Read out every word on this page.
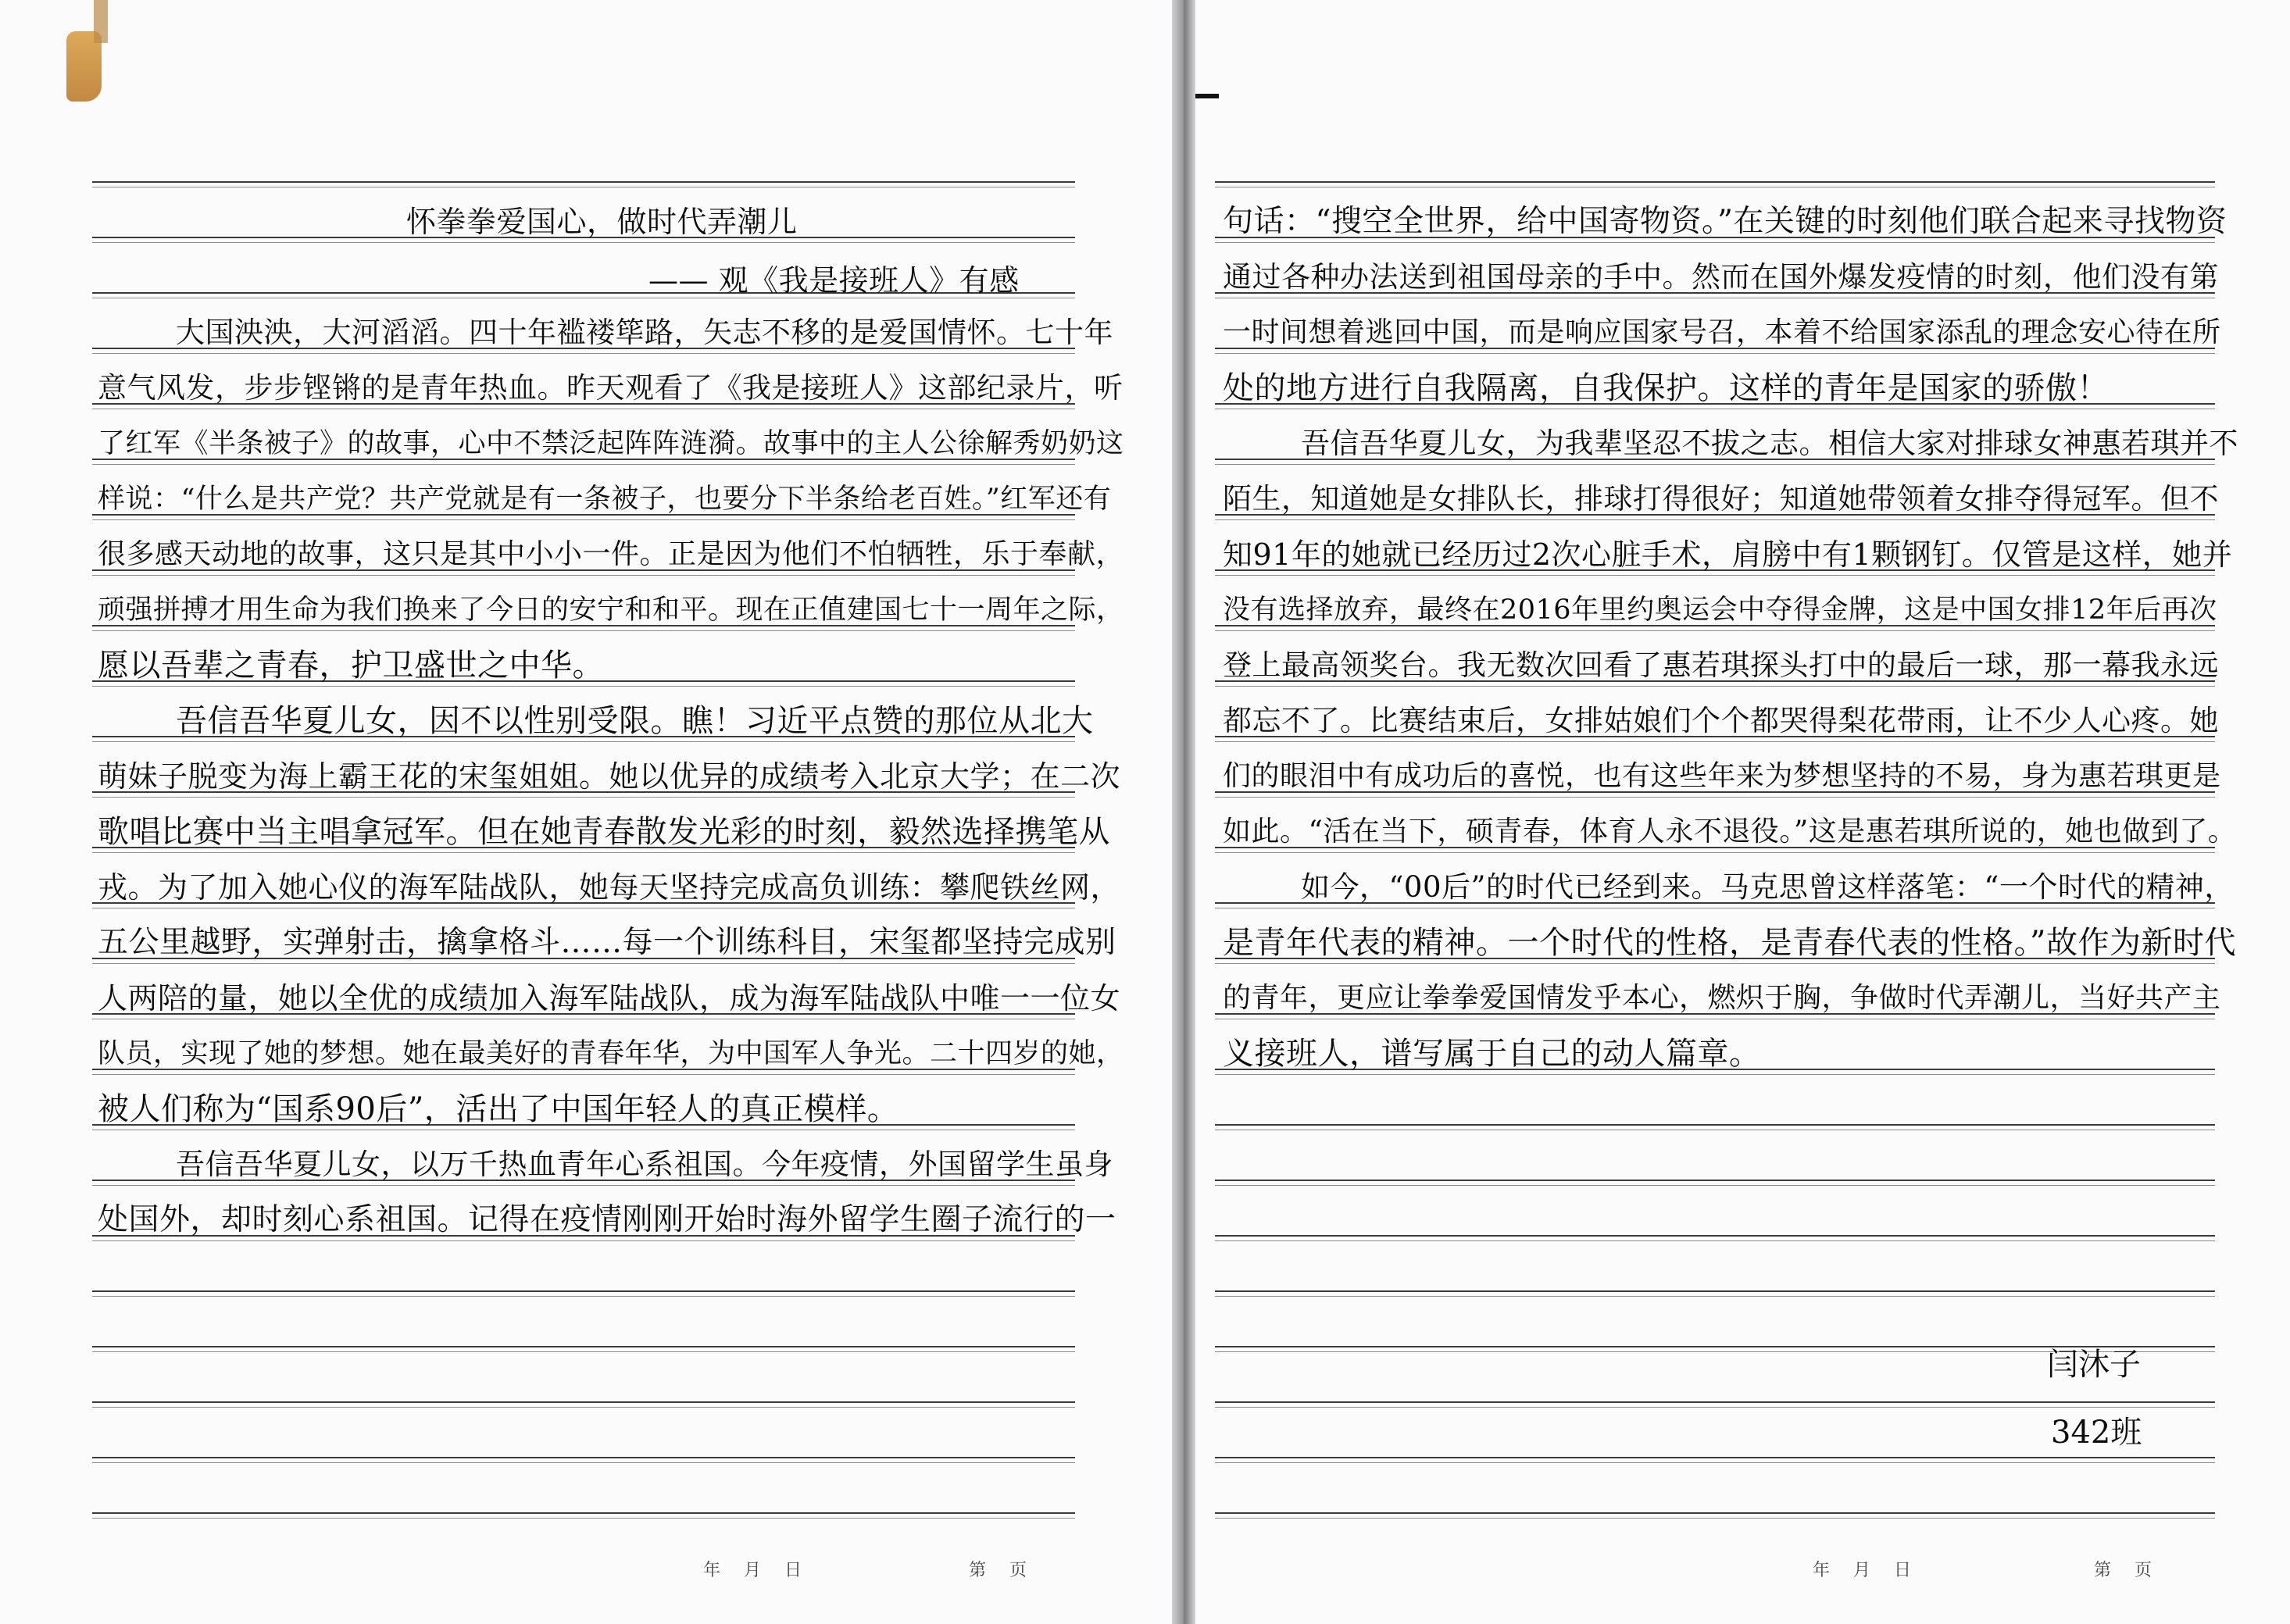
怀拳拳爱国心，做时代弄潮儿
—— 观《我是接班人》有感
大国泱泱，大河滔滔。四十年褴褛筚路，矢志不移的是爱国情怀。七十年
意气风发，步步铿锵的是青年热血。昨天观看了《我是接班人》这部纪录片，听
了红军《半条被子》的故事，心中不禁泛起阵阵涟漪。故事中的主人公徐解秀奶奶这
样说：“什么是共产党？共产党就是有一条被子，也要分下半条给老百姓。”红军还有
很多感天动地的故事，这只是其中小小一件。正是因为他们不怕牺牲，乐于奉献，
顽强拼搏才用生命为我们换来了今日的安宁和和平。现在正值建国七十一周年之际，
愿以吾辈之青春，护卫盛世之中华。
吾信吾华夏儿女，因不以性别受限。瞧！习近平点赞的那位从北大
萌妹子脱变为海上霸王花的宋玺姐姐。她以优异的成绩考入北京大学；在二次
歌唱比赛中当主唱拿冠军。但在她青春散发光彩的时刻，毅然选择携笔从
戎。为了加入她心仪的海军陆战队，她每天坚持完成高负训练：攀爬铁丝网，
五公里越野，实弹射击，擒拿格斗……每一个训练科目，宋玺都坚持完成别
人两陪的量，她以全优的成绩加入海军陆战队，成为海军陆战队中唯一一位女
队员，实现了她的梦想。她在最美好的青春年华，为中国军人争光。二十四岁的她，
被人们称为“国系90后”，活出了中国年轻人的真正模样。
吾信吾华夏儿女，以万千热血青年心系祖国。今年疫情，外国留学生虽身
处国外，却时刻心系祖国。记得在疫情刚刚开始时海外留学生圈子流行的一
年月日	第页
句话：“搜空全世界，给中国寄物资。”在关键的时刻他们联合起来寻找物资
通过各种办法送到祖国母亲的手中。然而在国外爆发疫情的时刻，他们没有第
一时间想着逃回中国，而是响应国家号召，本着不给国家添乱的理念安心待在所
处的地方进行自我隔离，自我保护。这样的青年是国家的骄傲！
吾信吾华夏儿女，为我辈坚忍不拔之志。相信大家对排球女神惠若琪并不
陌生，知道她是女排队长，排球打得很好；知道她带领着女排夺得冠军。但不
知91年的她就已经历过2次心脏手术，肩膀中有1颗钢钉。仅管是这样，她并
没有选择放弃，最终在2016年里约奥运会中夺得金牌，这是中国女排12年后再次
登上最高领奖台。我无数次回看了惠若琪探头打中的最后一球，那一幕我永远
都忘不了。比赛结束后，女排姑娘们个个都哭得梨花带雨，让不少人心疼。她
们的眼泪中有成功后的喜悦，也有这些年来为梦想坚持的不易，身为惠若琪更是
如此。“活在当下，硕青春，体育人永不退役。”这是惠若琪所说的，她也做到了。
如今，“00后”的时代已经到来。马克思曾这样落笔：“一个时代的精神，
是青年代表的精神。一个时代的性格，是青春代表的性格。”故作为新时代
的青年，更应让拳拳爱国情发乎本心，燃炽于胸，争做时代弄潮儿，当好共产主
义接班人，谱写属于自己的动人篇章。
闫沐子
342班
年月日	第页
